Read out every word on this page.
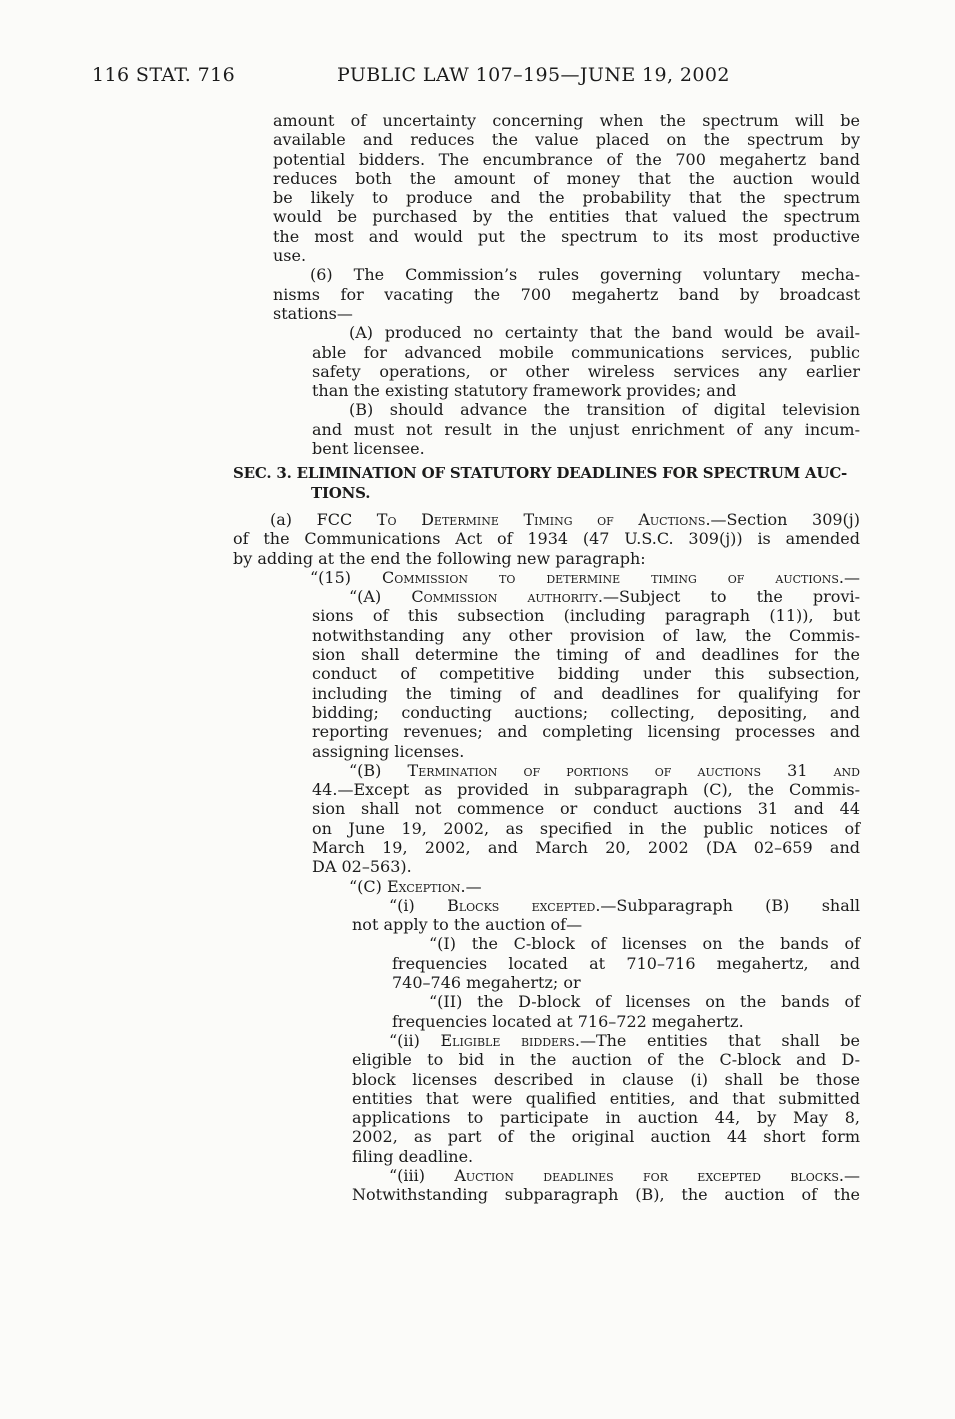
116 STAT. 716	PUBLIC LAW 107–195—JUNE 19, 2002
amount of uncertainty concerning when the spectrum will be
available and reduces the value placed on the spectrum by
potential bidders. The encumbrance of the 700 megahertz band
reduces both the amount of money that the auction would
be likely to produce and the probability that the spectrum
would be purchased by the entities that valued the spectrum
the most and would put the spectrum to its most productive
use.
(6) The Commission’s rules governing voluntary mecha-
nisms for vacating the 700 megahertz band by broadcast
stations—
(A) produced no certainty that the band would be avail-
able for advanced mobile communications services, public
safety operations, or other wireless services any earlier
than the existing statutory framework provides; and
(B) should advance the transition of digital television
and must not result in the unjust enrichment of any incum-
bent licensee.
SEC. 3. ELIMINATION OF STATUTORY DEADLINES FOR SPECTRUM AUC-
TIONS.
(a) FCC To Determine Timing of Auctions.—Section 309(j)
of the Communications Act of 1934 (47 U.S.C. 309(j)) is amended
by adding at the end the following new paragraph:
“(15) Commission to determine timing of auctions.—
“(A) Commission authority.—Subject to the provi-
sions of this subsection (including paragraph (11)), but
notwithstanding any other provision of law, the Commis-
sion shall determine the timing of and deadlines for the
conduct of competitive bidding under this subsection,
including the timing of and deadlines for qualifying for
bidding; conducting auctions; collecting, depositing, and
reporting revenues; and completing licensing processes and
assigning licenses.
“(B) Termination of portions of auctions 31 and
44.—Except as provided in subparagraph (C), the Commis-
sion shall not commence or conduct auctions 31 and 44
on June 19, 2002, as specified in the public notices of
March 19, 2002, and March 20, 2002 (DA 02–659 and
DA 02–563).
“(C) Exception.—
“(i) Blocks excepted.—Subparagraph (B) shall
not apply to the auction of—
“(I) the C-block of licenses on the bands of
frequencies located at 710–716 megahertz, and
740–746 megahertz; or
“(II) the D-block of licenses on the bands of
frequencies located at 716–722 megahertz.
“(ii) Eligible bidders.—The entities that shall be
eligible to bid in the auction of the C-block and D-
block licenses described in clause (i) shall be those
entities that were qualified entities, and that submitted
applications to participate in auction 44, by May 8,
2002, as part of the original auction 44 short form
filing deadline.
“(iii) Auction deadlines for excepted blocks.—
Notwithstanding subparagraph (B), the auction of the
